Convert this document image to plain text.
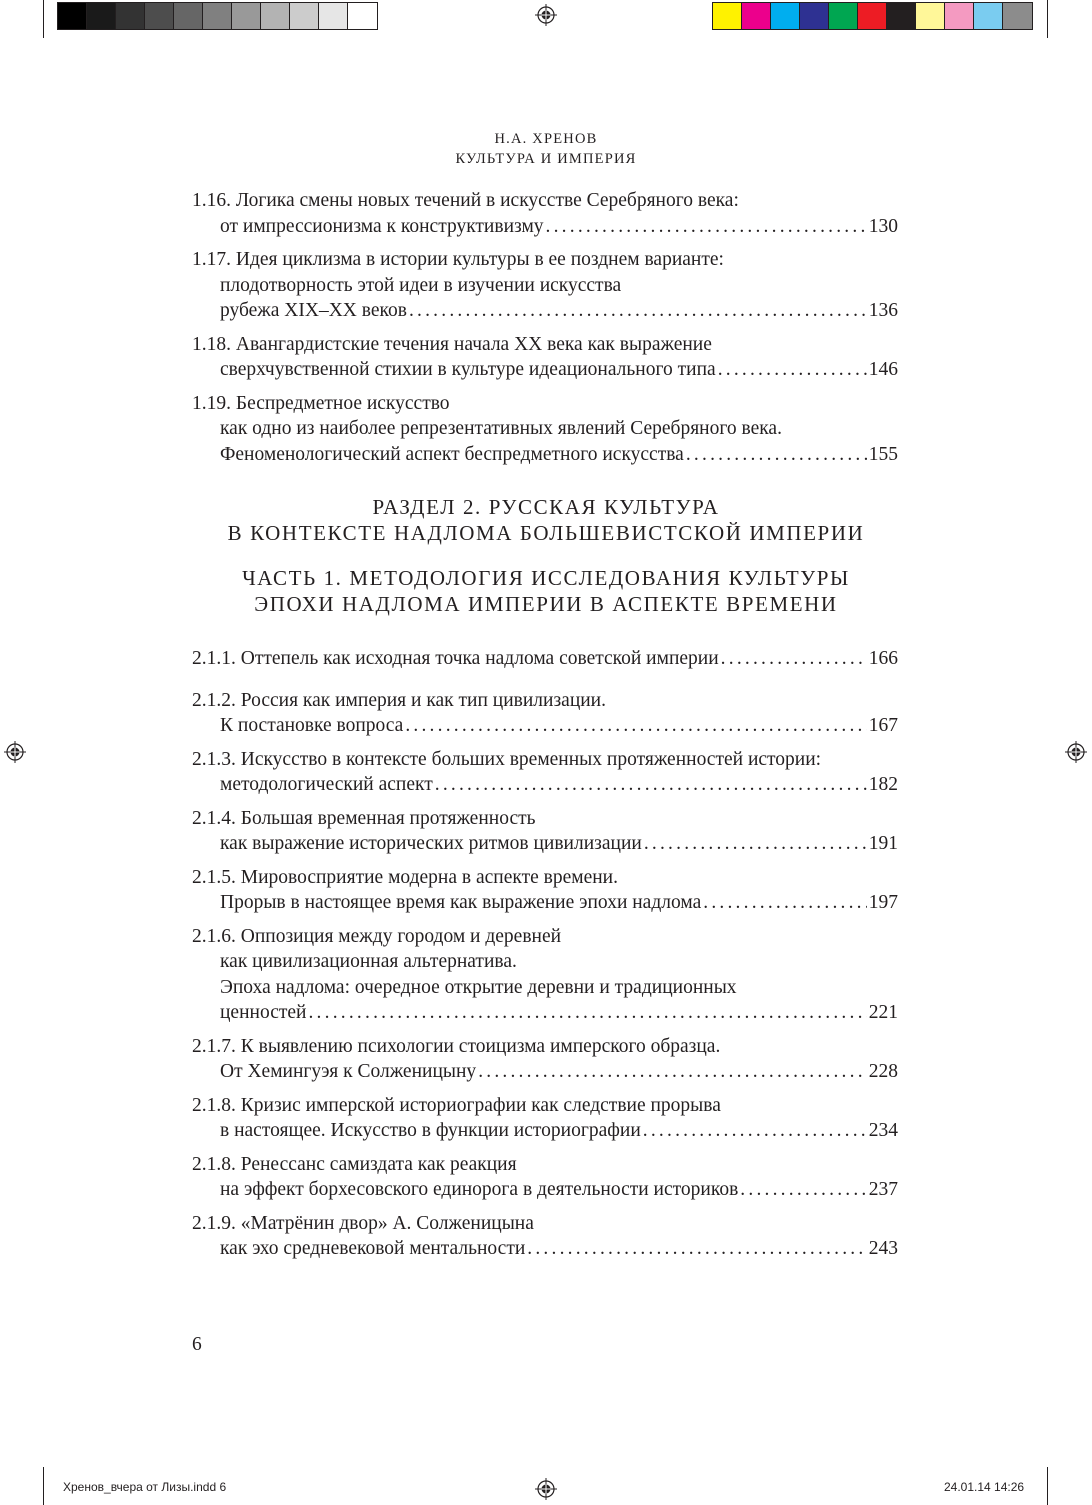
Н.А. ХРЕНОВ
КУЛЬТУРА И ИМПЕРИЯ
1.16. Логика смены новых течений в искусстве Серебряного века:
от импрессионизма к конструктивизму .....	130
1.17. Идея циклизма в истории культуры в ее позднем варианте:
плодотворность этой идеи в изучении искусства
рубежа XIX–XX веков .....	136
1.18. Авангардистские течения начала XX века как выражение
сверхчувственной стихии в культуре идеационального типа .....	146
1.19. Беспредметное искусство
как одно из наиболее репрезентативных явлений Серебряного века.
Феноменологический аспект беспредметного искусства .....	155
РАЗДЕЛ 2. РУССКАЯ КУЛЬТУРА
В КОНТЕКСТЕ НАДЛОМА БОЛЬШЕВИСТСКОЙ ИМПЕРИИ
ЧАСТЬ 1. МЕТОДОЛОГИЯ ИССЛЕДОВАНИЯ КУЛЬТУРЫ
ЭПОХИ НАДЛОМА ИМПЕРИИ В АСПЕКТЕ ВРЕМЕНИ
2.1.1. Оттепель как исходная точка надлома советской империи .....	166
2.1.2. Россия как империя и как тип цивилизации.
К постановке вопроса .....	167
2.1.3. Искусство в контексте больших временных протяженностей истории:
методологический аспект .....	182
2.1.4. Большая временная протяженность
как выражение исторических ритмов цивилизации .....	191
2.1.5. Мировосприятие модерна в аспекте времени.
Прорыв в настоящее время как выражение эпохи надлома .....	197
2.1.6. Оппозиция между городом и деревней
как цивилизационная альтернатива.
Эпоха надлома: очередное открытие деревни и традиционных
ценностей .....	221
2.1.7. К выявлению психологии стоицизма имперского образца.
От Хемингуэя к Солженицыну .....	228
2.1.8. Кризис имперской историографии как следствие прорыва
в настоящее. Искусство в функции историографии .....	234
2.1.8. Ренессанс самиздата как реакция
на эффект борхесовского единорога в деятельности историков .....	237
2.1.9. «Матрёнин двор» А. Солженицына
как эхо средневековой ментальности .....	243
6
Хренов_вчера от Лизы.indd 6	24.01.14 14:26
